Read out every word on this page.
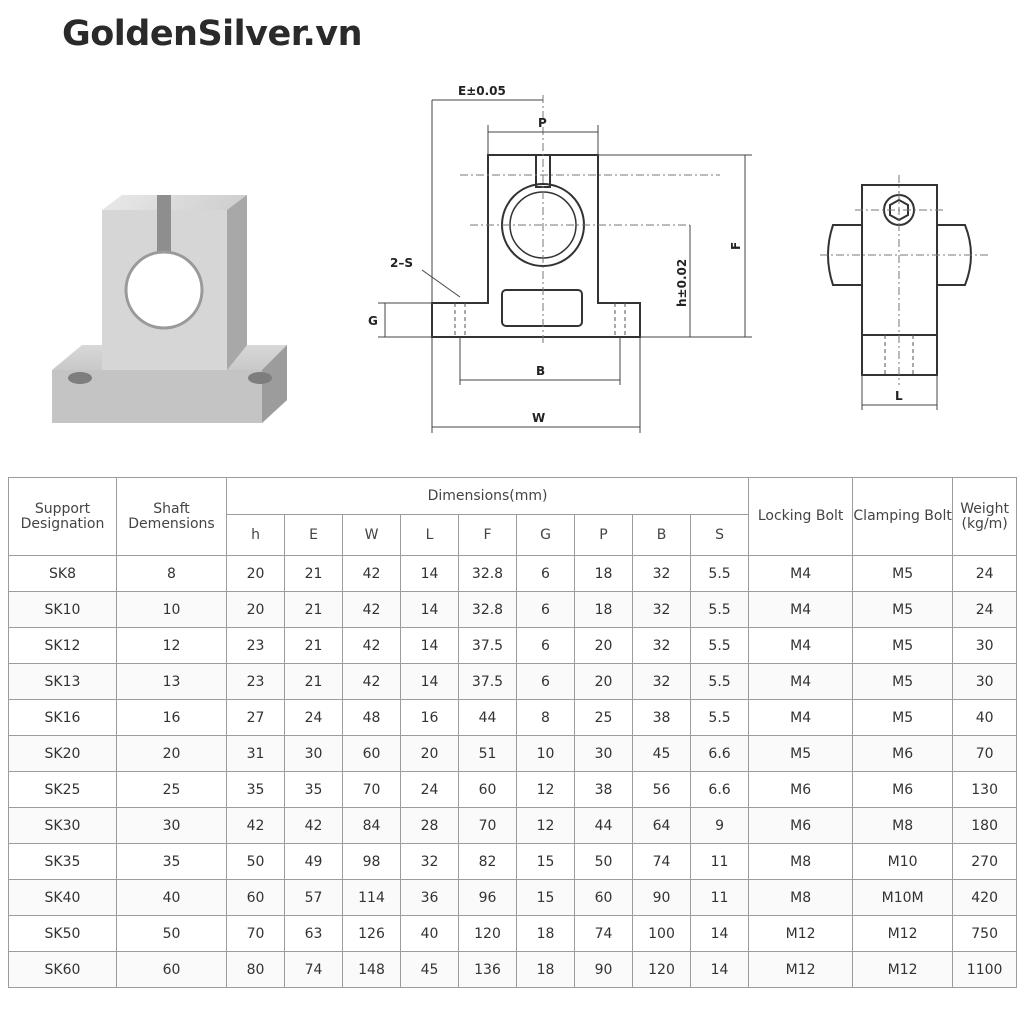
GoldenSilver.vn
E±0.05
P
2–S
G
h±0.02
F
B
W
L
Support Designation	Shaft Demensions	Dimensions(mm)									Locking Bolt	Clamping Bolt	Weight (kg/m)
		h	E	W	L	F	G	P	B	S			
SK8	8	20	21	42	14	32.8	6	18	32	5.5	M4	M5	24
SK10	10	20	21	42	14	32.8	6	18	32	5.5	M4	M5	24
SK12	12	23	21	42	14	37.5	6	20	32	5.5	M4	M5	30
SK13	13	23	21	42	14	37.5	6	20	32	5.5	M4	M5	30
SK16	16	27	24	48	16	44	8	25	38	5.5	M4	M5	40
SK20	20	31	30	60	20	51	10	30	45	6.6	M5	M6	70
SK25	25	35	35	70	24	60	12	38	56	6.6	M6	M6	130
SK30	30	42	42	84	28	70	12	44	64	9	M6	M8	180
SK35	35	50	49	98	32	82	15	50	74	11	M8	M10	270
SK40	40	60	57	114	36	96	15	60	90	11	M8	M10M	420
SK50	50	70	63	126	40	120	18	74	100	14	M12	M12	750
SK60	60	80	74	148	45	136	18	90	120	14	M12	M12	1100
